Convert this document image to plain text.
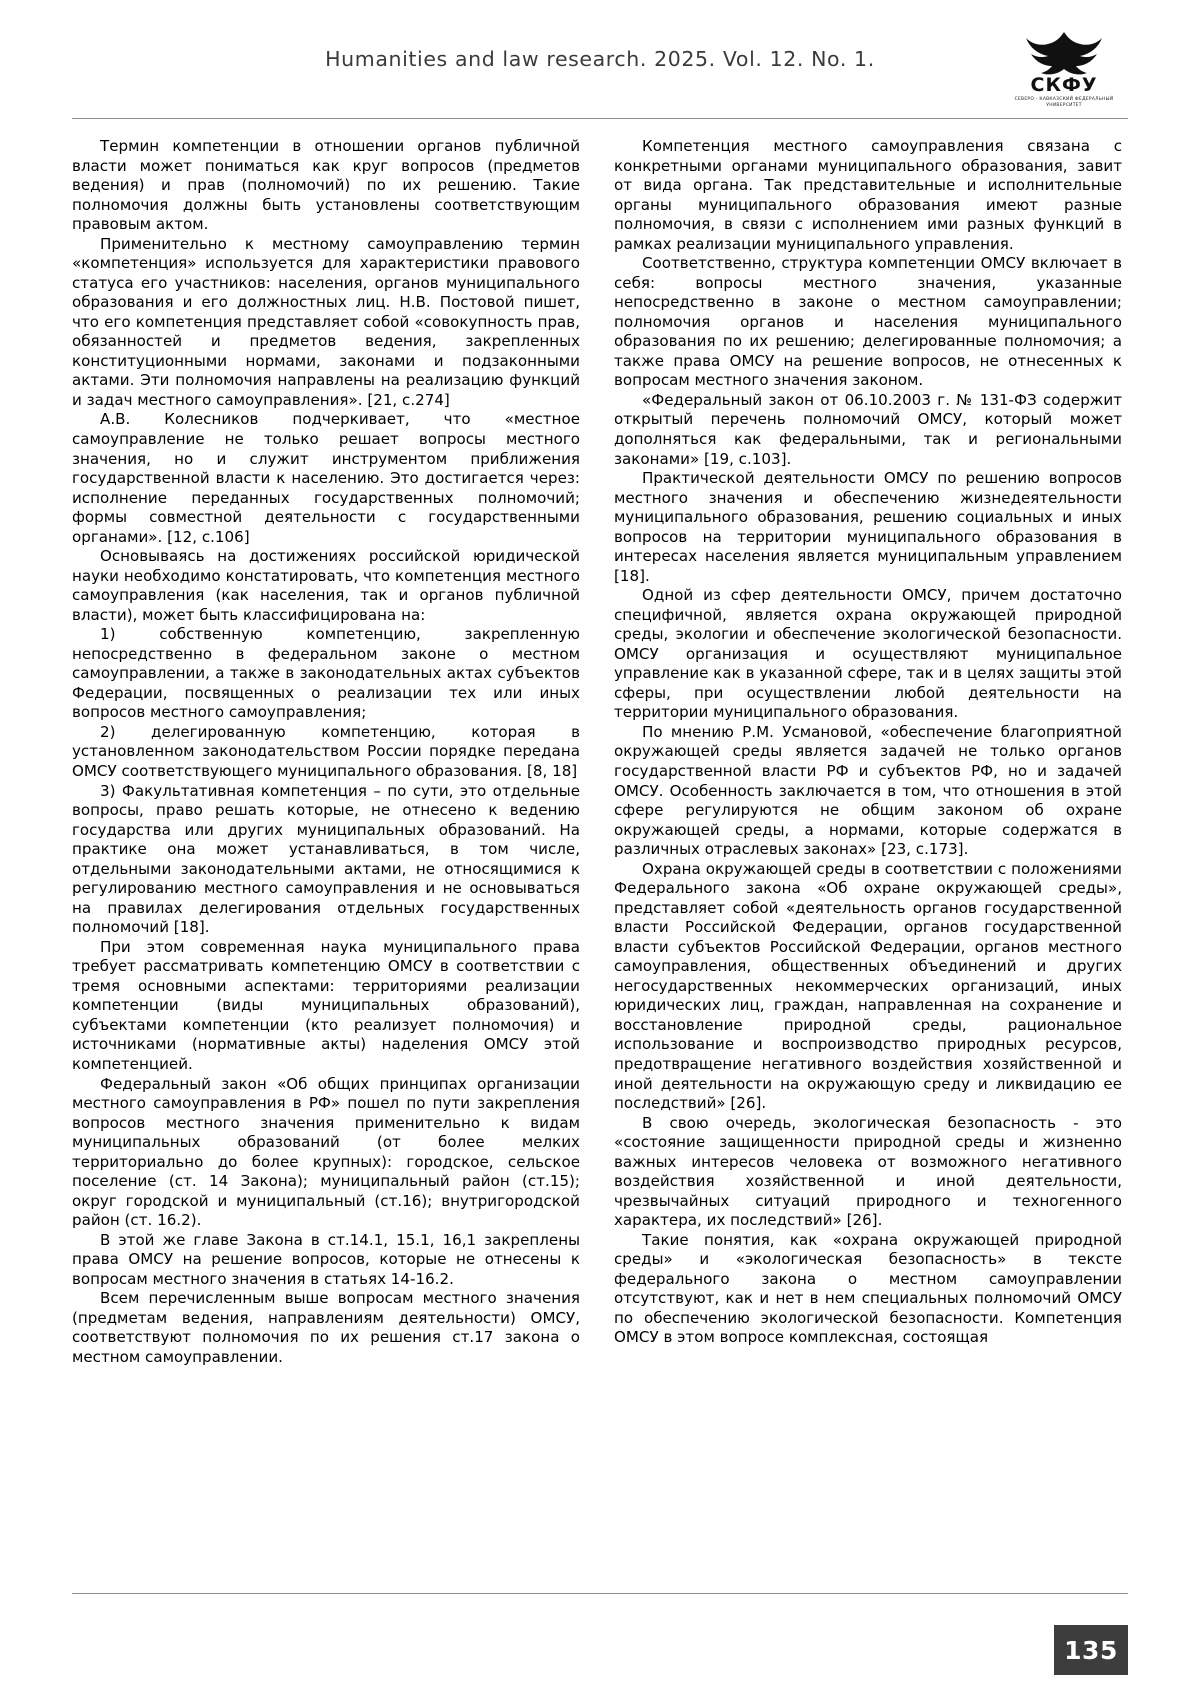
Humanities and law research. 2025. Vol. 12. No. 1.
СКФУ
СЕВЕРО - КАВКАЗСКИЙ ФЕДЕРАЛЬНЫЙ УНИВЕРСИТЕТ

Термин компетенции в отношении органов публичной власти может пониматься как круг вопросов (предметов ведения) и прав (полномочий) по их решению. Такие полномочия должны быть установлены соответствующим правовым актом.

Применительно к местному самоуправлению термин «компетенция» используется для характеристики правового статуса его участников: населения, органов муниципального образования и его должностных лиц. Н.В. Постовой пишет, что его компетенция представляет собой «совокупность прав, обязанностей и предметов ведения, закрепленных конституционными нормами, законами и подзаконными актами. Эти полномочия направлены на реализацию функций и задач местного самоуправления». [21, с.274]

А.В. Колесников подчеркивает, что «местное самоуправление не только решает вопросы местного значения, но и служит инструментом приближения государственной власти к населению. Это достигается через: исполнение переданных государственных полномочий; формы совместной деятельности с государственными органами». [12, с.106]

Основываясь на достижениях российской юридической науки необходимо констатировать, что компетенция местного самоуправления (как населения, так и органов публичной власти), может быть классифицирована на:

1) собственную компетенцию, закрепленную непосредственно в федеральном законе о местном самоуправлении, а также в законодательных актах субъектов Федерации, посвященных о реализации тех или иных вопросов местного самоуправления;

2) делегированную компетенцию, которая в установленном законодательством России порядке передана ОМСУ соответствующего муниципального образования. [8, 18]

3) Факультативная компетенция – по сути, это отдельные вопросы, право решать которые, не отнесено к ведению государства или других муниципальных образований. На практике она может устанавливаться, в том числе, отдельными законодательными актами, не относящимися к регулированию местного самоуправления и не основываться на правилах делегирования отдельных государственных полномочий [18].

При этом современная наука муниципального права требует рассматривать компетенцию ОМСУ в соответствии с тремя основными аспектами: территориями реализации компетенции (виды муниципальных образований), субъектами компетенции (кто реализует полномочия) и источниками (нормативные акты) наделения ОМСУ этой компетенцией.

Федеральный закон «Об общих принципах организации местного самоуправления в РФ» пошел по пути закрепления вопросов местного значения применительно к видам муниципальных образований (от более мелких территориально до более крупных): городское, сельское поселение (ст. 14 Закона); муниципальный район (ст.15); округ городской и муниципальный (ст.16); внутригородской район (ст. 16.2).

В этой же главе Закона в ст.14.1, 15.1, 16,1 закреплены права ОМСУ на решение вопросов, которые не отнесены к вопросам местного значения в статьях 14-16.2.

Всем перечисленным выше вопросам местного значения (предметам ведения, направлениям деятельности) ОМСУ, соответствуют полномочия по их решения ст.17 закона о местном самоуправлении.

Компетенция местного самоуправления связана с конкретными органами муниципального образования, завит от вида органа. Так представительные и исполнительные органы муниципального образования имеют разные полномочия, в связи с исполнением ими разных функций в рамках реализации муниципального управления.

Соответственно, структура компетенции ОМСУ включает в себя: вопросы местного значения, указанные непосредственно в законе о местном самоуправлении; полномочия органов и населения муниципального образования по их решению; делегированные полномочия; а также права ОМСУ на решение вопросов, не отнесенных к вопросам местного значения законом.

«Федеральный закон от 06.10.2003 г. № 131-ФЗ содержит открытый перечень полномочий ОМСУ, который может дополняться как федеральными, так и региональными законами» [19, с.103].

Практической деятельности ОМСУ по решению вопросов местного значения и обеспечению жизнедеятельности муниципального образования, решению социальных и иных вопросов на территории муниципального образования в интересах населения является муниципальным управлением [18].

Одной из сфер деятельности ОМСУ, причем достаточно специфичной, является охрана окружающей природной среды, экологии и обеспечение экологической безопасности. ОМСУ организация и осуществляют муниципальное управление как в указанной сфере, так и в целях защиты этой сферы, при осуществлении любой деятельности на территории муниципального образования.

По мнению Р.М. Усмановой, «обеспечение благоприятной окружающей среды является задачей не только органов государственной власти РФ и субъектов РФ, но и задачей ОМСУ. Особенность заключается в том, что отношения в этой сфере регулируются не общим законом об охране окружающей среды, а нормами, которые содержатся в различных отраслевых законах» [23, с.173].

Охрана окружающей среды в соответствии с положениями Федерального закона «Об охране окружающей среды», представляет собой «деятельность органов государственной власти Российской Федерации, органов государственной власти субъектов Российской Федерации, органов местного самоуправления, общественных объединений и других негосударственных некоммерческих организаций, иных юридических лиц, граждан, направленная на сохранение и восстановление природной среды, рациональное использование и воспроизводство природных ресурсов, предотвращение негативного воздействия хозяйственной и иной деятельности на окружающую среду и ликвидацию ее последствий» [26].

В свою очередь, экологическая безопасность - это «состояние защищенности природной среды и жизненно важных интересов человека от возможного негативного воздействия хозяйственной и иной деятельности, чрезвычайных ситуаций природного и техногенного характера, их последствий» [26].

Такие понятия, как «охрана окружающей природной среды» и «экологическая безопасность» в тексте федерального закона о местном самоуправлении отсутствуют, как и нет в нем специальных полномочий ОМСУ по обеспечению экологической безопасности. Компетенция ОМСУ в этом вопросе комплексная, состоящая

135
